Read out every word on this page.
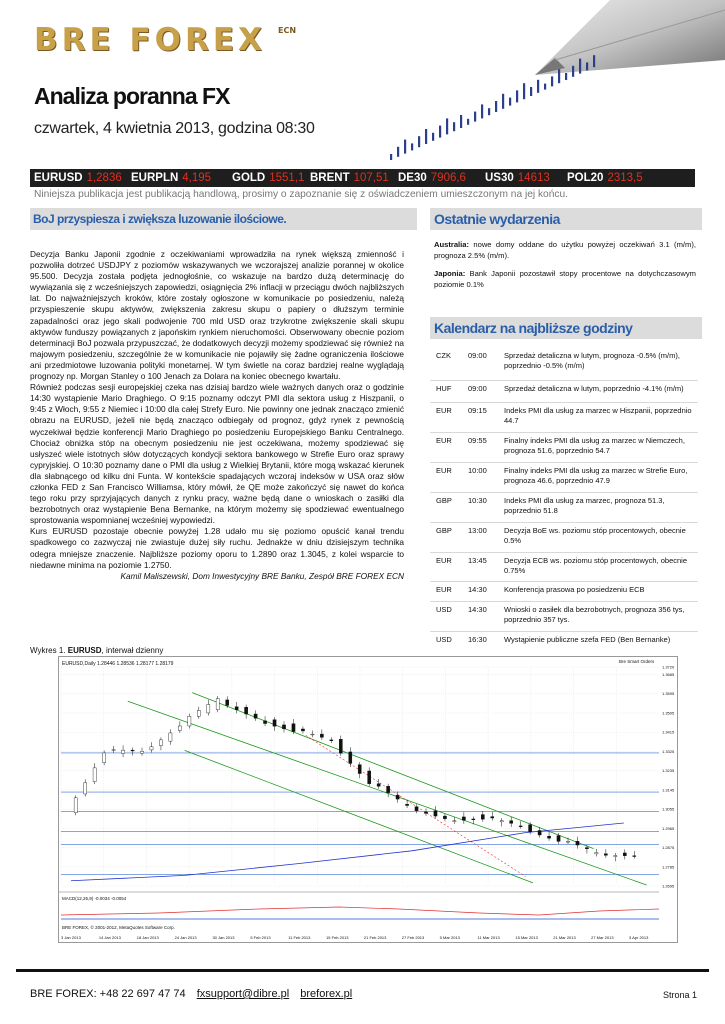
BRE FOREX ECN
Analiza poranna FX
czwartek, 4 kwietnia 2013, godzina 08:30
EURUSD 1,2836 EURPLN 4,195 GOLD 1551,1 BRENT 107,51 DE30 7906,6 US30 14613 POL20 2313,5
Niniejsza publikacja jest publikacją handlową, prosimy o zapoznanie się z oświadczeniem umieszczonym na jej końcu.
BoJ przyspiesza i zwiększa luzowanie ilościowe.

Decyzja Banku Japonii zgodnie z oczekiwaniami wprowadziła na rynek większą zmienność i pozwoliła dotrzeć USDJPY z poziomów wskazywanych we wczorajszej analizie porannej w okolice 95.500. Decyzja została podjęta jednogłośnie, co wskazuje na bardzo dużą determinację do wywiązania się z wcześniejszych zapowiedzi, osiągnięcia 2% inflacji w przeciągu dwóch najbliższych lat. Do najważniejszych kroków, które zostały ogłoszone w komunikacie po posiedzeniu, należą przyspieszenie skupu aktywów, zwiększenia zakresu skupu o papiery o dłuższym terminie zapadalności oraz jego skali podwojenie 700 mld USD oraz trzykrotne zwiększenie skali skupu aktywów funduszy powiązanych z japońskim rynkiem nieruchomości. Obserwowany obecnie poziom determinacji BoJ pozwala przypuszczać, że dodatkowych decyzji możemy spodziewać się również na majowym posiedzeniu, szczególnie że w komunikacie nie pojawiły się żadne ograniczenia ilościowe ani przedmiotowe luzowania polityki monetarnej. W tym świetle na coraz bardziej realne wyglądają prognozy np. Morgan Stanley o 100 Jenach za Dolara na koniec obecnego kwartału.

Również podczas sesji europejskiej czeka nas dzisiaj bardzo wiele ważnych danych oraz o godzinie 14:30 wystąpienie Mario Draghiego. O 9:15 poznamy odczyt PMI dla sektora usług z Hiszpanii, o 9:45 z Włoch, 9:55 z Niemiec i 10:00 dla całej Strefy Euro. Nie powinny one jednak znacząco zmienić obrazu na EURUSD, jeżeli nie będą znacząco odbiegały od prognoz, gdyż rynek z pewnością wyczekiwał będzie konferencji Mario Draghiego po posiedzeniu Europejskiego Banku Centralnego. Chociaż obniżka stóp na obecnym posiedzeniu nie jest oczekiwana, możemy spodziewać się usłyszeć wiele istotnych słów dotyczących kondycji sektora bankowego w Strefie Euro oraz sprawy cypryjskiej. O 10:30 poznamy dane o PMI dla usług z Wielkiej Brytanii, które mogą wskazać kierunek dla słabnącego od kilku dni Funta. W kontekście spadających wczoraj indeksów w USA oraz słów członka FED z San Francisco Williamsa, który mówił, że QE może zakończyć się nawet do końca tego roku przy sprzyjających danych z rynku pracy, ważne będą dane o wnioskach o zasiłki dla bezrobotnych oraz wystąpienie Bena Bernanke, na którym możemy się spodziewać ewentualnego sprostowania wspomnianej wcześniej wypowiedzi.

Kurs EURUSD pozostaje obecnie powyżej 1.28 udało mu się poziomo opuścić kanał trendu spadkowego co zazwyczaj nie zwiastuje dużej siły ruchu. Jednakże w dniu dzisiejszym technika odegra mniejsze znaczenie. Najbliższe poziomy oporu to 1.2890 oraz 1.3045, z kolei wsparcie to niedawne minima na poziomie 1.2750.

Kamil Maliszewski, Dom Inwestycyjny BRE Banku, Zespół BRE FOREX ECN

Ostatnie wydarzenia
Australia: nowe domy oddane do użytku powyżej oczekiwań 3.1 (m/m), prognoza 2.5% (m/m).
Japonia: Bank Japonii pozostawił stopy procentowe na dotychczasowym poziomie 0.1%
Kalendarz na najbliższe godziny
CZK 09:00 Sprzedaż detaliczna w lutym, prognoza -0.5% (m/m), poprzednio -0.5% (m/m)
HUF 09:00 Sprzedaż detaliczna w lutym, poprzednio -4.1% (m/m)
EUR 09:15 Indeks PMI dla usług za marzec w Hiszpanii, poprzednio 44.7
EUR 09:55 Finalny indeks PMI dla usług za marzec w Niemczech, prognoza 51.6, poprzednio 54.7
EUR 10:00 Finalny indeks PMI dla usług za marzec w Strefie Euro, prognoza 46.6, poprzednio 47.9
GBP 10:30 Indeks PMI dla usług za marzec, prognoza 51.3, poprzednio 51.8
GBP 13:00 Decyzja BoE ws. poziomu stóp procentowych, obecnie 0.5%
EUR 13:45 Decyzja ECB ws. poziomu stóp procentowych, obecnie 0.75%
EUR 14:30 Konferencja prasowa po posiedzeniu ECB
USD 14:30 Wnioski o zasiłek dla bezrobotnych, prognoza 356 tys, poprzednio 357 tys.
USD 16:30 Wystąpienie publiczne szefa FED (Ben Bernanke)
Wykres 1. EURUSD, interwał dzienny
1.3720
1.3685
1.3595
1.3505
1.3415
1.3325
1.3235
1.3145
1.3055
1.2965
1.2875
1.2785
1.2695
EURUSD,Daily 1.28446 1.28536 1.28177 1.28179	Bre Smart Orders
MACD(12,26,9) -0.0034 -0.0054
BRE FOREX, © 2001-2012, MetaQuotes Software Corp.
3 Jan 2013	14 Jan 2013	18 Jan 2013	24 Jan 2013	30 Jan 2013	5 Feb 2013	11 Feb 2013	15 Feb 2013	21 Feb 2013	27 Feb 2013	5 Mar 2013	11 Mar 2013	15 Mar 2013	21 Mar 2013	27 Mar 2013	3 Apr 2013
BRE FOREX: +48 22 697 47 74 fxsupport@dibre.pl breforex.pl	Strona 1
